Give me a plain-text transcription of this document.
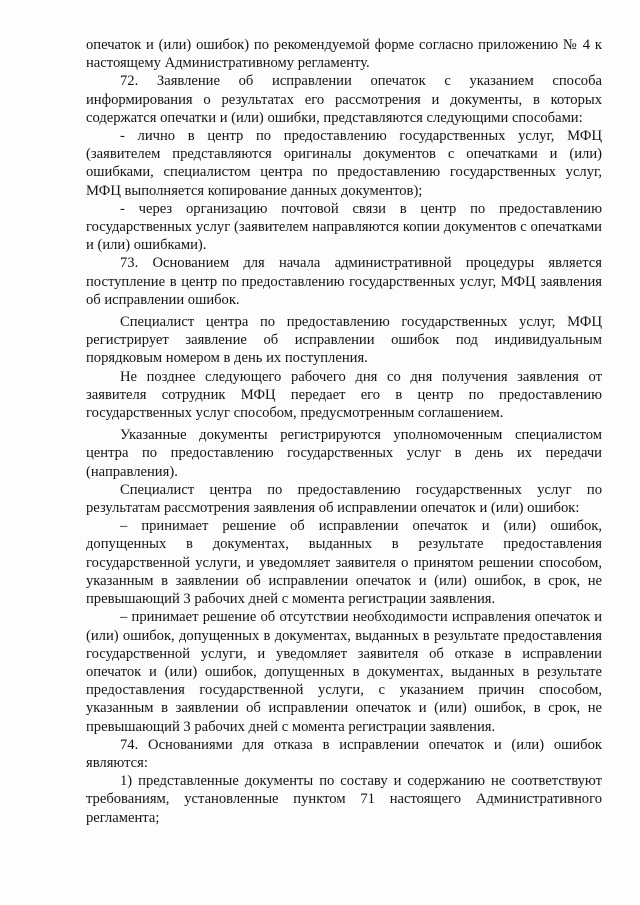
опечаток и (или) ошибок) по рекомендуемой форме согласно приложению № 4 к настоящему Административному регламенту.

72. Заявление об исправлении опечаток с указанием способа информирования о результатах его рассмотрения и документы, в которых содержатся опечатки и (или) ошибки, представляются следующими способами:

- лично в центр по предоставлению государственных услуг, МФЦ (заявителем представляются оригиналы документов с опечатками и (или) ошибками, специалистом центра по предоставлению государственных услуг, МФЦ выполняется копирование данных документов);

- через организацию почтовой связи в центр по предоставлению государственных услуг (заявителем направляются копии документов с опечатками и (или) ошибками).

73. Основанием для начала административной процедуры является поступление в центр по предоставлению государственных услуг, МФЦ заявления об исправлении ошибок.

Специалист центра по предоставлению государственных услуг, МФЦ регистрирует заявление об исправлении ошибок под индивидуальным порядковым номером в день их поступления.

Не позднее следующего рабочего дня со дня получения заявления от заявителя сотрудник МФЦ передает его в центр по предоставлению государственных услуг способом, предусмотренным соглашением.

Указанные документы регистрируются уполномоченным специалистом центра по предоставлению государственных услуг в день их передачи (направления).

Специалист центра по предоставлению государственных услуг по результатам рассмотрения заявления об исправлении опечаток и (или) ошибок:

– принимает решение об исправлении опечаток и (или) ошибок, допущенных в документах, выданных в результате предоставления государственной услуги, и уведомляет заявителя о принятом решении способом, указанным в заявлении об исправлении опечаток и (или) ошибок, в срок, не превышающий 3 рабочих дней с момента регистрации заявления.

– принимает решение об отсутствии необходимости исправления опечаток и (или) ошибок, допущенных в документах, выданных в результате предоставления государственной услуги, и уведомляет заявителя об отказе в исправлении опечаток и (или) ошибок, допущенных в документах, выданных в результате предоставления государственной услуги, с указанием причин способом, указанным в заявлении об исправлении опечаток и (или) ошибок, в срок, не превышающий 3 рабочих дней с момента регистрации заявления.

74. Основаниями для отказа в исправлении опечаток и (или) ошибок являются:

1) представленные документы по составу и содержанию не соответствуют требованиям, установленные пунктом 71 настоящего Административного регламента;
